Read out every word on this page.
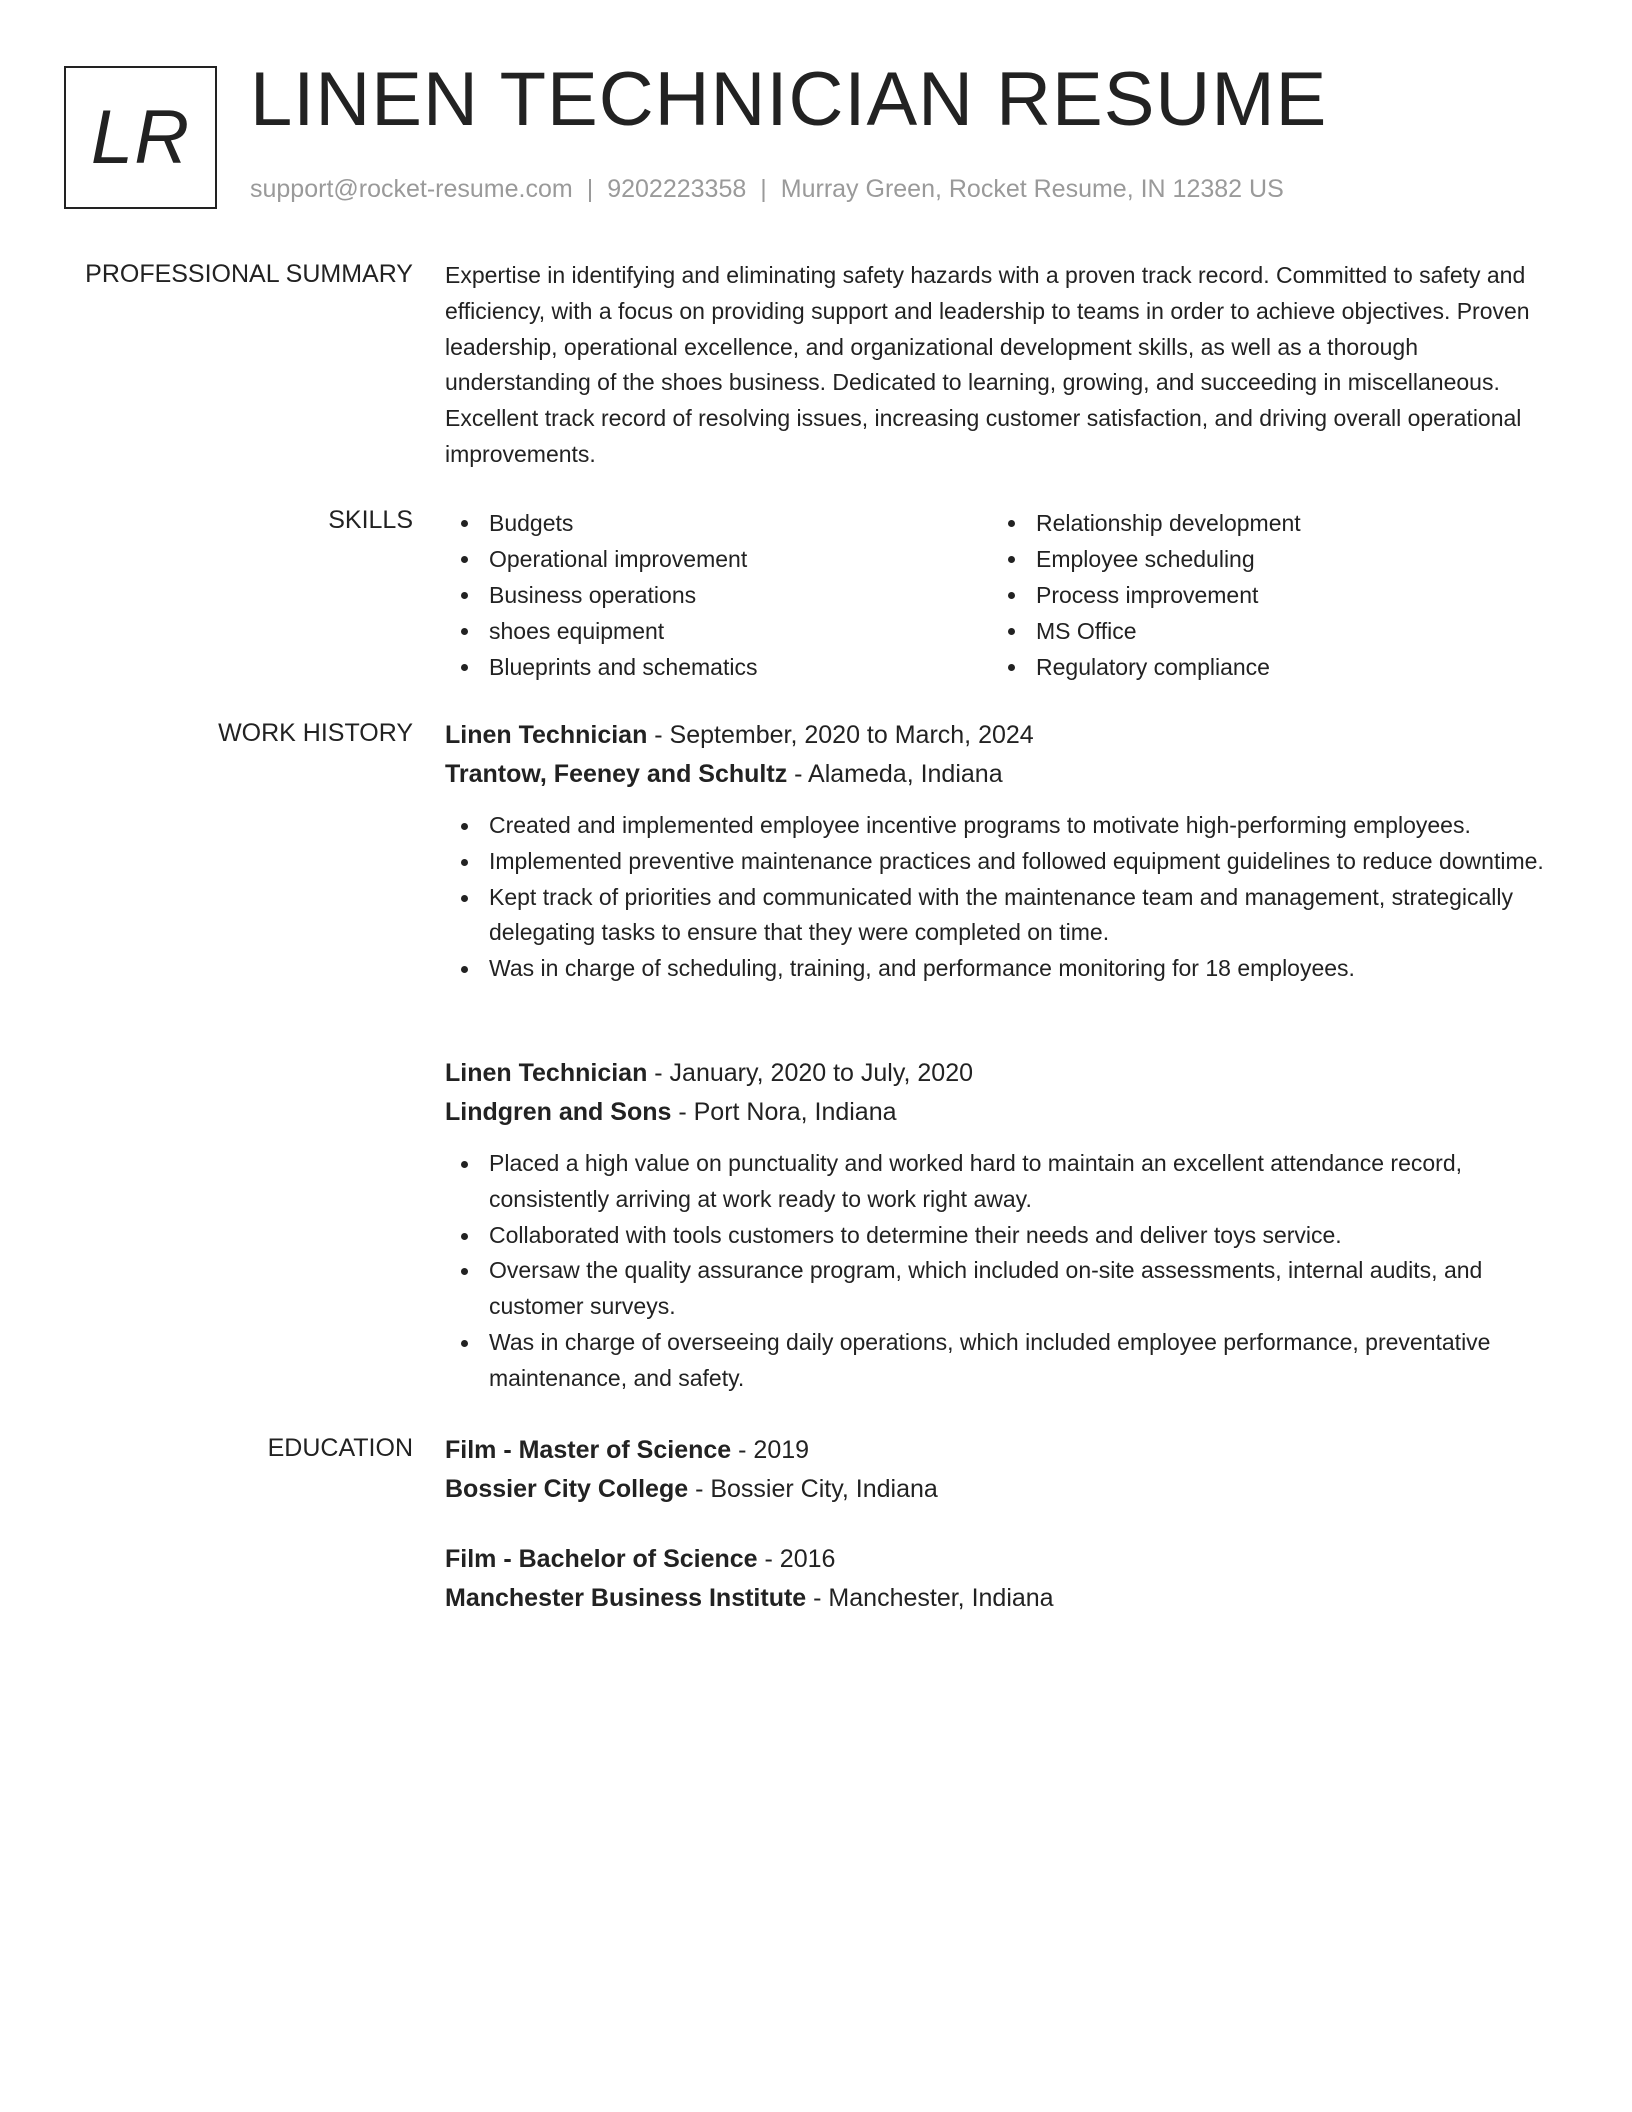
LR LINEN TECHNICIAN RESUME
support@rocket-resume.com | 9202223358 | Murray Green, Rocket Resume, IN 12382 US
PROFESSIONAL SUMMARY Expertise in identifying and eliminating safety hazards with a proven track record. Committed to safety and efficiency, with a focus on providing support and leadership to teams in order to achieve objectives. Proven leadership, operational excellence, and organizational development skills, as well as a thorough understanding of the shoes business. Dedicated to learning, growing, and succeeding in miscellaneous. Excellent track record of resolving issues, increasing customer satisfaction, and driving overall operational improvements.
SKILLS	Budgets
Operational improvement
Business operations
shoes equipment
Blueprints and schematics
Relationship development
Employee scheduling
Process improvement
MS Office
Regulatory compliance
WORK HISTORY Linen Technician - September, 2020 to March, 2024
Trantow, Feeney and Schultz - Alameda, Indiana
Created and implemented employee incentive programs to motivate high-performing employees.
Implemented preventive maintenance practices and followed equipment guidelines to reduce downtime.
Kept track of priorities and communicated with the maintenance team and management, strategically delegating tasks to ensure that they were completed on time.
Was in charge of scheduling, training, and performance monitoring for 18 employees.
Linen Technician - January, 2020 to July, 2020
Lindgren and Sons - Port Nora, Indiana
Placed a high value on punctuality and worked hard to maintain an excellent attendance record, consistently arriving at work ready to work right away.
Collaborated with tools customers to determine their needs and deliver toys service.
Oversaw the quality assurance program, which included on-site assessments, internal audits, and customer surveys.
Was in charge of overseeing daily operations, which included employee performance, preventative maintenance, and safety.
EDUCATION Film - Master of Science - 2019
Bossier City College - Bossier City, Indiana
Film - Bachelor of Science - 2016
Manchester Business Institute - Manchester, Indiana
